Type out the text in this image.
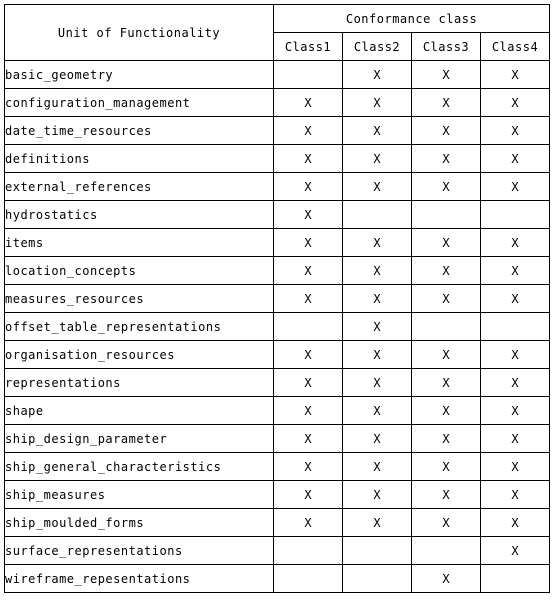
Unit of Functionality	Conformance class			
	Class1	Class2	Class3	Class4
basic_geometry		X	X	X
configuration_management	X	X	X	X
date_time_resources	X	X	X	X
definitions	X	X	X	X
external_references	X	X	X	X
hydrostatics	X			
items	X	X	X	X
location_concepts	X	X	X	X
measures_resources	X	X	X	X
offset_table_representations		X		
organisation_resources	X	X	X	X
representations	X	X	X	X
shape	X	X	X	X
ship_design_parameter	X	X	X	X
ship_general_characteristics	X	X	X	X
ship_measures	X	X	X	X
ship_moulded_forms	X	X	X	X
surface_representations				X
wireframe_repesentations			X	
